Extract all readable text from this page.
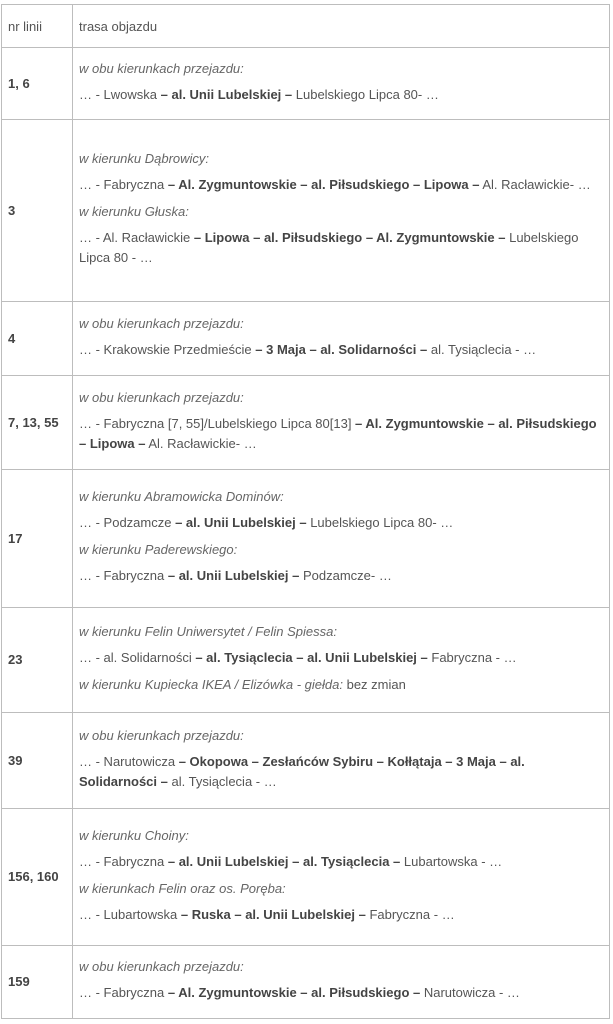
nr linii	trasa objazdu
1, 6	w obu kierunkach przejazdu:
… - Lwowska – al. Unii Lubelskiej – Lubelskiego Lipca 80- …

3	w kierunku Dąbrowicy:
… - Fabryczna – Al. Zygmuntowskie – al. Piłsudskiego – Lipowa – Al. Racławickie- …
w kierunku Głuska:
… - Al. Racławickie – Lipowa – al. Piłsudskiego – Al. Zygmuntowskie – Lubelskiego Lipca 80 - …

4	w obu kierunkach przejazdu:
… - Krakowskie Przedmieście – 3 Maja – al. Solidarności – al. Tysiąclecia - …

7, 13, 55	w obu kierunkach przejazdu:
… - Fabryczna [7, 55]/Lubelskiego Lipca 80[13] – Al. Zygmuntowskie – al. Piłsudskiego – Lipowa – Al. Racławickie- …

17	w kierunku Abramowicka Dominów:
… - Podzamcze – al. Unii Lubelskiej – Lubelskiego Lipca 80- …
w kierunku Paderewskiego:
… - Fabryczna – al. Unii Lubelskiej – Podzamcze- …

23	w kierunku Felin Uniwersytet / Felin Spiessa:
… - al. Solidarności – al. Tysiąclecia – al. Unii Lubelskiej – Fabryczna - …
w kierunku Kupiecka IKEA / Elizówka - giełda: bez zmian

39	w obu kierunkach przejazdu:
… - Narutowicza – Okopowa – Zesłańców Sybiru – Kołłątaja – 3 Maja – al. Solidarności – al. Tysiąclecia - …

156, 160	w kierunku Choiny:
… - Fabryczna – al. Unii Lubelskiej – al. Tysiąclecia – Lubartowska - …
w kierunkach Felin oraz os. Poręba:
… - Lubartowska – Ruska – al. Unii Lubelskiej – Fabryczna - …

159	w obu kierunkach przejazdu:
… - Fabryczna – Al. Zygmuntowskie – al. Piłsudskiego – Narutowicza - …
